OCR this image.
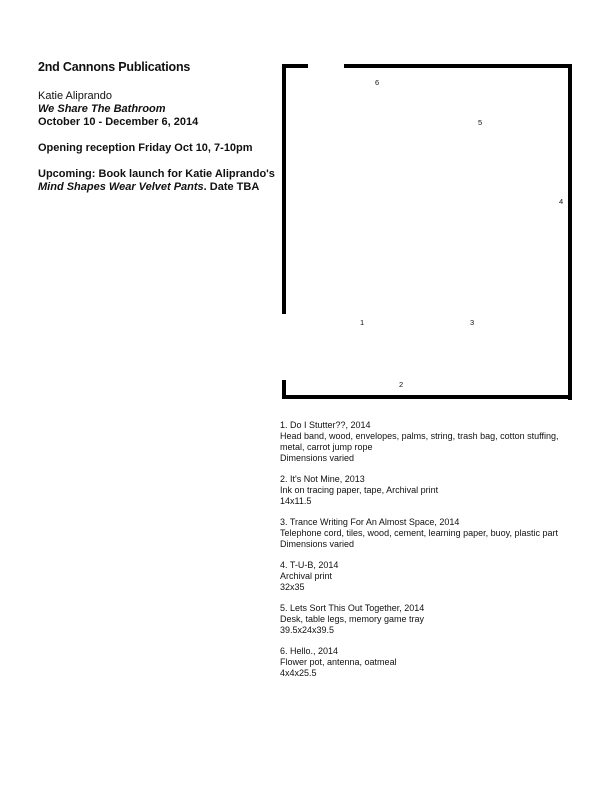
2nd Cannons Publications
Katie Aliprando
We Share The Bathroom
October 10 - December 6, 2014
Opening reception Friday Oct 10, 7-10pm
Upcoming: Book launch for Katie Aliprando's
Mind Shapes Wear Velvet Pants. Date TBA
6
5
4
1	3
2
1. Do I Stutter??, 2014
Head band, wood, envelopes, palms, string, trash bag, cotton stuffing, metal, carrot jump rope
Dimensions varied
2. It's Not Mine, 2013
Ink on tracing paper, tape, Archival print
14x11.5
3. Trance Writing For An Almost Space, 2014
Telephone cord, tiles, wood, cement, learning paper, buoy, plastic part
Dimensions varied
4. T-U-B, 2014
Archival print
32x35
5. Lets Sort This Out Together, 2014
Desk, table legs, memory game tray
39.5x24x39.5
6. Hello., 2014
Flower pot, antenna, oatmeal
4x4x25.5
